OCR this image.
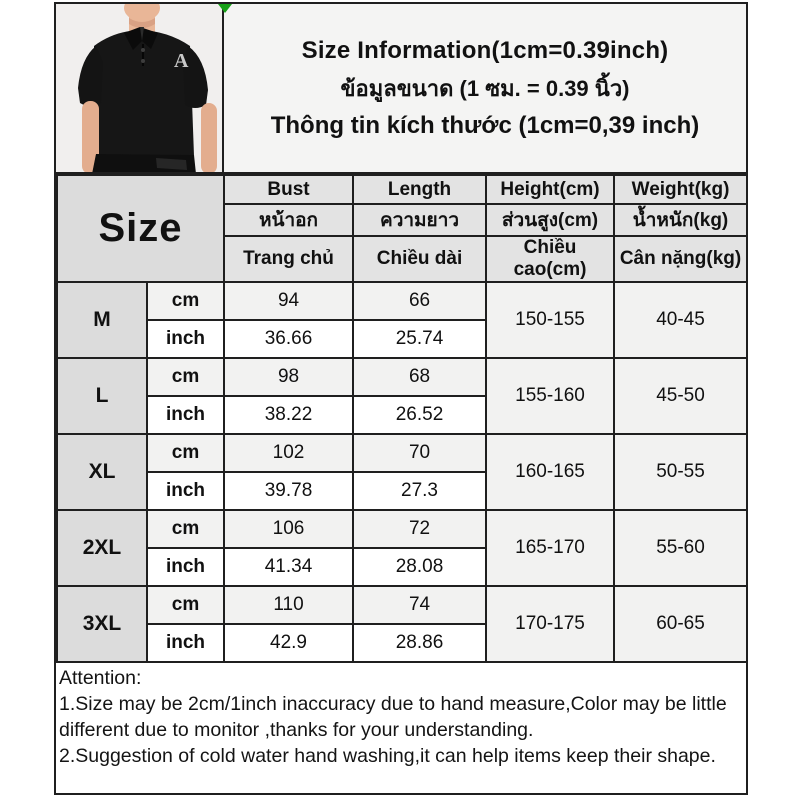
A	Size Information(1cm=0.39inch)
ข้อมูลขนาด (1 ซม. = 0.39 นิ้ว)
Thông tin kích thước (1cm=0,39 inch)
Size		Bust	Length	Height(cm)	Weight(kg)
		หน้าอก	ความยาว	ส่วนสูง(cm)	น้ำหนัก(kg)
		Trang chủ	Chiều dài	Chiều cao(cm)	Cân nặng(kg)
M	cm	94	66	150-155	40-45
	inch	36.66	25.74		
L	cm	98	68	155-160	45-50
	inch	38.22	26.52		
XL	cm	102	70	160-165	50-55
	inch	39.78	27.3		
2XL	cm	106	72	165-170	55-60
	inch	41.34	28.08		
3XL	cm	110	74	170-175	60-65
	inch	42.9	28.86		
Attention:
1.Size may be 2cm/1inch inaccuracy due to hand measure,Color may be little different due to monitor ,thanks for your understanding.
2.Suggestion of cold water hand washing,it can help items keep their shape.
